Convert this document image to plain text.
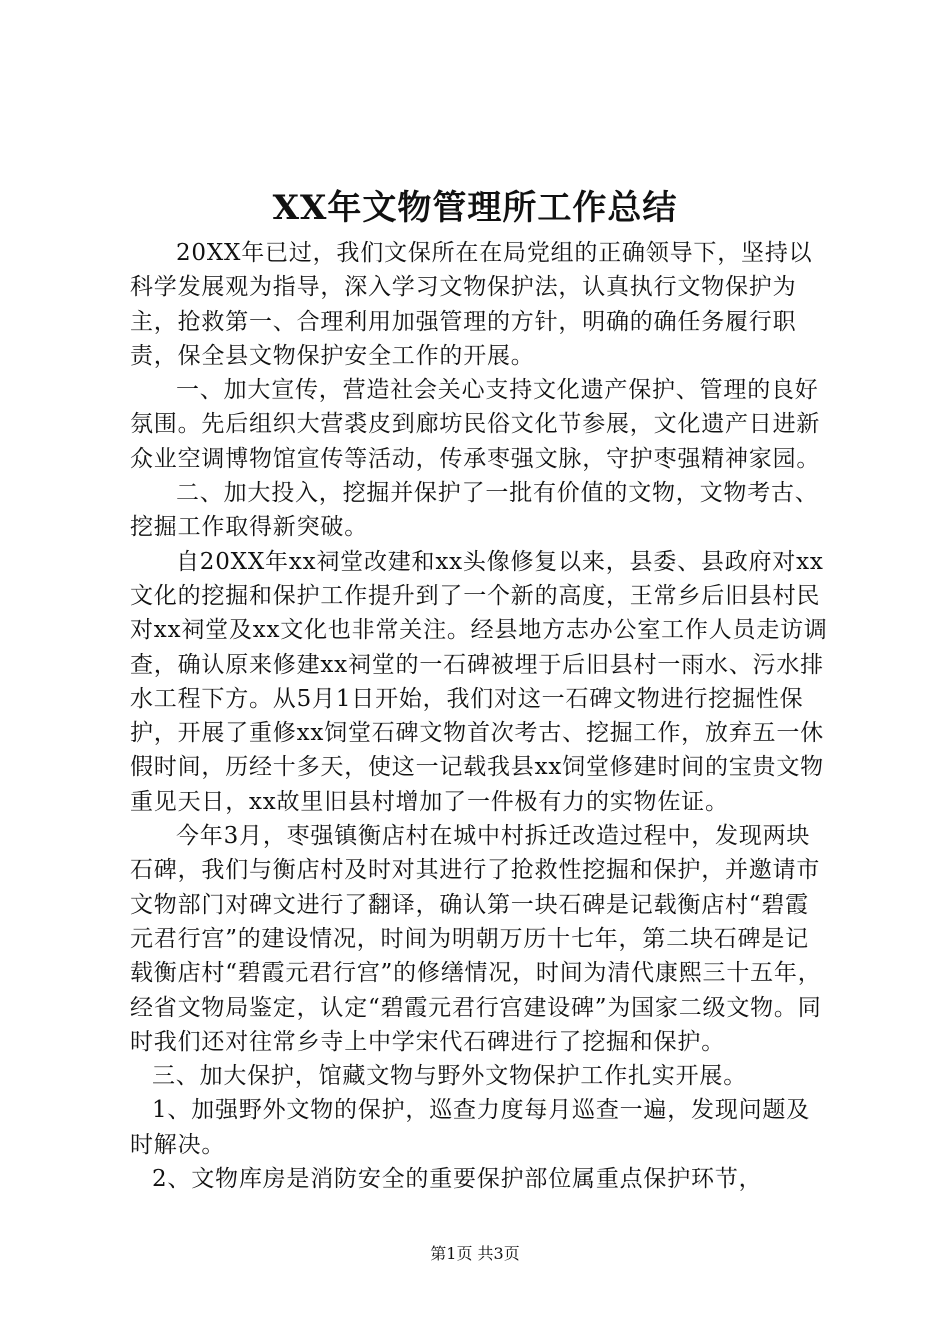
XX年文物管理所工作总结

20XX年已过，我们文保所在在局党组的正确领导下，坚持以科学发展观为指导，深入学习文物保护法，认真执行文物保护为主，抢救第一、合理利用加强管理的方针，明确的确任务履行职责，保全县文物保护安全工作的开展。

一、加大宣传，营造社会关心支持文化遗产保护、管理的良好氛围。先后组织大营裘皮到廊坊民俗文化节参展，文化遗产日进新众业空调博物馆宣传等活动，传承枣强文脉，守护枣强精神家园。

二、加大投入，挖掘并保护了一批有价值的文物，文物考古、挖掘工作取得新突破。

自20XX年xx祠堂改建和xx头像修复以来，县委、县政府对xx文化的挖掘和保护工作提升到了一个新的高度，王常乡后旧县村民对xx祠堂及xx文化也非常关注。经县地方志办公室工作人员走访调查，确认原来修建xx祠堂的一石碑被埋于后旧县村一雨水、污水排水工程下方。从5月1日开始，我们对这一石碑文物进行挖掘性保护，开展了重修xx饲堂石碑文物首次考古、挖掘工作，放弃五一休假时间，历经十多天，使这一记载我县xx饲堂修建时间的宝贵文物重见天日，xx故里旧县村增加了一件极有力的实物佐证。

今年3月，枣强镇衡店村在城中村拆迁改造过程中，发现两块石碑，我们与衡店村及时对其进行了抢救性挖掘和保护，并邀请市文物部门对碑文进行了翻译，确认第一块石碑是记载衡店村“碧霞元君行宫”的建设情况，时间为明朝万历十七年，第二块石碑是记载衡店村“碧霞元君行宫”的修缮情况，时间为清代康熙三十五年，经省文物局鉴定，认定“碧霞元君行宫建设碑”为国家二级文物。同时我们还对往常乡寺上中学宋代石碑进行了挖掘和保护。

三、加大保护，馆藏文物与野外文物保护工作扎实开展。

1、加强野外文物的保护，巡查力度每月巡查一遍，发现问题及时解决。

2、文物库房是消防安全的重要保护部位属重点保护环节，

第1页 共3页
